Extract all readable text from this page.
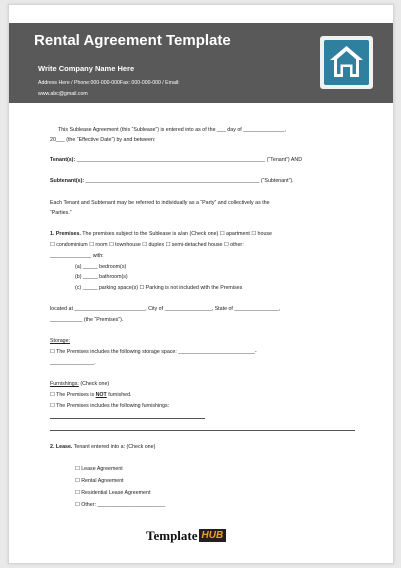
Rental Agreement Template
Write Company Name Here
Address Here / Phone:000-000-000Fax: 000-000-000 / Email:
www.abc@gmail.com
This Sublease Agreement (this “Sublease”) is entered into as of the ___ day of ______________,
20___ (the “Effective Date”) by and between:
Tenant(s): ________________________________________________________________ (“Tenant”) AND
Subtenant(s): ___________________________________________________________ (“Subtenant”).
Each Tenant and Subtenant may be referred to individually as a “Party” and collectively as the
“Parties.”
1. Premises. The premises subject to the Sublease is a/an (Check one) ☐ apartment ☐ house
☐ condominium ☐ room ☐ townhouse ☐ duplex ☐ semi-detached house ☐ other:
______________ with:
(a) _____ bedroom(s)
(b) _____ bathroom(s)
(c) _____ parking space(s) ☐ Parking is not included with the Premises
located at ________________________, City of ________________, State of _______________,
___________ (the “Premises”).
Storage:
☐ The Premises includes the following storage space: __________________________-
_______________.
Furnishings: (Check one)
☐ The Premises is NOT furnished.
☐ The Premises includes the following furnishings:
2. Lease. Tenant entered into a: (Check one)
☐ Lease Agreement
☐ Rental Agreement
☐ Residential Lease Agreement
☐ Other: _______________________
Template HUB
